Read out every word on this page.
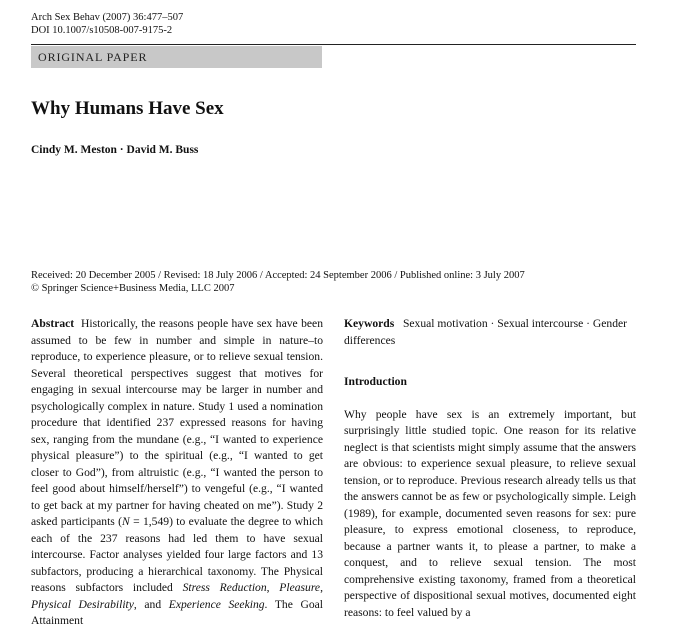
Arch Sex Behav (2007) 36:477–507
DOI 10.1007/s10508-007-9175-2
ORIGINAL PAPER
Why Humans Have Sex
Cindy M. Meston · David M. Buss
Received: 20 December 2005 / Revised: 18 July 2006 / Accepted: 24 September 2006 / Published online: 3 July 2007
© Springer Science+Business Media, LLC 2007

Abstract Historically, the reasons people have sex have been assumed to be few in number and simple in nature–to reproduce, to experience pleasure, or to relieve sexual tension. Several theoretical perspectives suggest that motives for engaging in sexual intercourse may be larger in number and psychologically complex in nature. Study 1 used a nomination procedure that identified 237 expressed reasons for having sex, ranging from the mundane (e.g., “I wanted to experience physical pleasure”) to the spiritual (e.g., “I wanted to get closer to God”), from altruistic (e.g., “I wanted the person to feel good about himself/herself”) to vengeful (e.g., “I wanted to get back at my partner for having cheated on me”). Study 2 asked participants (N = 1,549) to evaluate the degree to which each of the 237 reasons had led them to have sexual intercourse. Factor analyses yielded four large factors and 13 subfactors, producing a hierarchical taxonomy. The Physical reasons subfactors included Stress Reduction, Pleasure, Physical Desirability, and Experience Seeking. The Goal Attainment

Keywords Sexual motivation · Sexual intercourse · Gender differences

Introduction

Why people have sex is an extremely important, but surprisingly little studied topic. One reason for its relative neglect is that scientists might simply assume that the answers are obvious: to experience sexual pleasure, to relieve sexual tension, or to reproduce. Previous research already tells us that the answers cannot be as few or psychologically simple. Leigh (1989), for example, documented seven reasons for sex: pure pleasure, to express emotional closeness, to reproduce, because a partner wants it, to please a partner, to make a conquest, and to relieve sexual tension. The most comprehensive existing taxonomy, framed from a theoretical perspective of dispositional sexual motives, documented eight reasons: to feel valued by a
